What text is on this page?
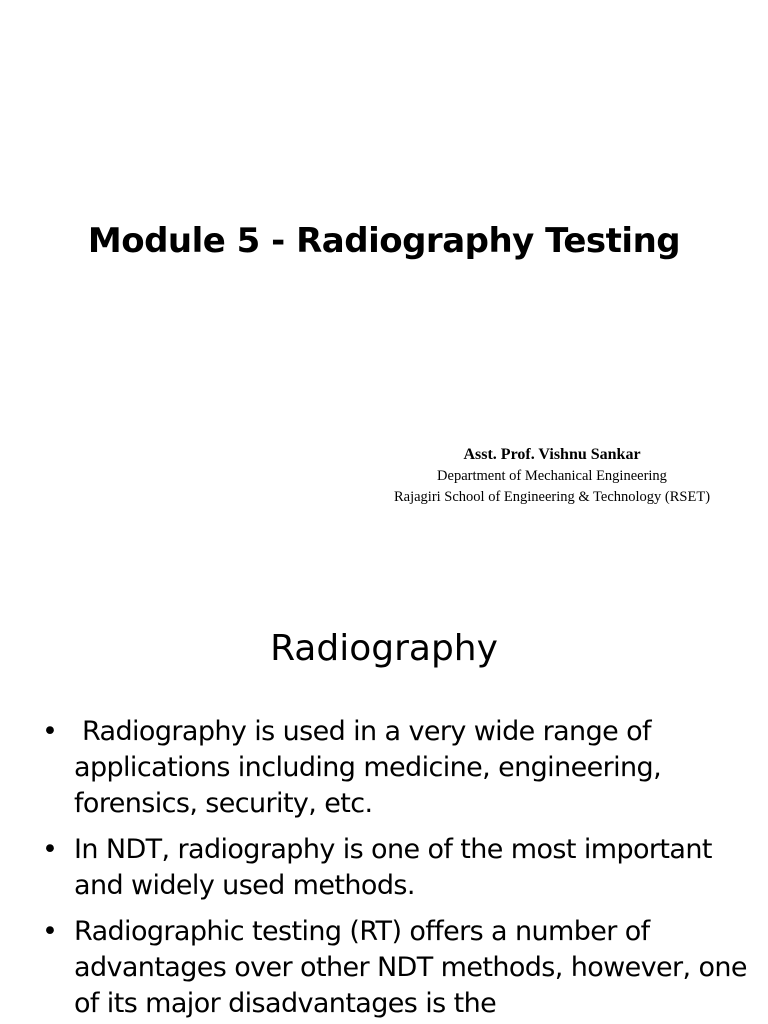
Module 5 - Radiography Testing
Asst. Prof. Vishnu Sankar
Department of Mechanical Engineering
Rajagiri School of Engineering & Technology (RSET)
Radiography
• Radiography is used in a very wide range of applications including medicine, engineering, forensics, security, etc.
• In NDT, radiography is one of the most important and widely used methods.
• Radiographic testing (RT) offers a number of advantages over other NDT methods, however, one of its major disadvantages is the
